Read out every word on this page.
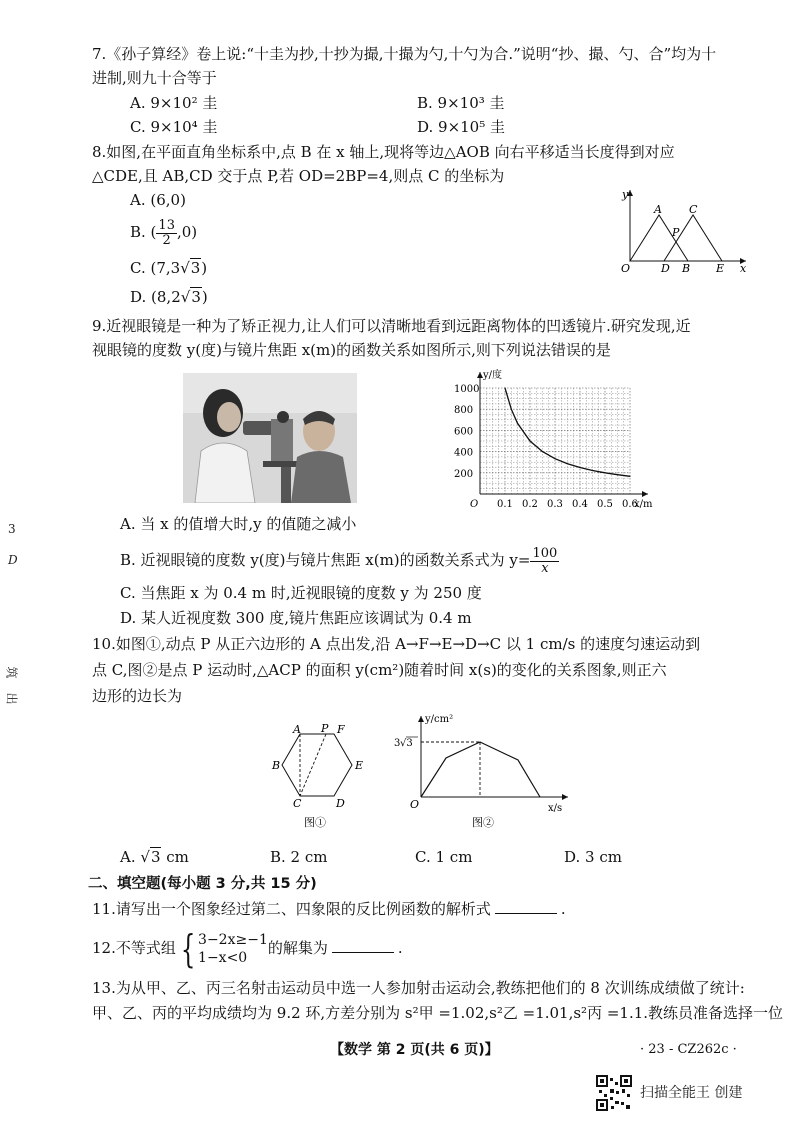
3
D
筑
出
7.《孙子算经》卷上说:“十圭为抄,十抄为撮,十撮为勺,十勺为合.”说明“抄、撮、勺、合”均为十
进制,则九十合等于
A. 9×10² 圭	B. 9×10³ 圭
C. 9×10⁴ 圭	D. 9×10⁵ 圭
8.如图,在平面直角坐标系中,点 B 在 x 轴上,现将等边△AOB 向右平移适当长度得到对应
△CDE,且 AB,CD 交于点 P,若 OD=2BP=4,则点 C 的坐标为
A. (6,0)
B. ( $\frac{13}{2} ,0$)
C. (7,3√3)
D. (8,2√3)
y
x
O
A C
P
D B E
9.近视眼镜是一种为了矫正视力,让人们可以清晰地看到远距离物体的凹透镜片.研究发现,近
视眼镜的度数 y(度)与镜片焦距 x(m)的函数关系如图所示,则下列说法错误的是
0.1 0.2 0.3 0.4 0.5 0.6
200
400
600
800
1000
O	x/m
y/度
A. 当 x 的值增大时,y 的值随之减小
B. 近视眼镜的度数 y(度)与镜片焦距 x(m)的函数关系式为 $y= \frac{100}{x}$
C. 当焦距 x 为 0.4 m 时,近视眼镜的度数 y 为 250 度
D. 某人近视度数 300 度,镜片焦距应该调试为 0.4 m
10.如图①,动点 P 从正六边形的 A 点出发,沿 A→F→E→D→C 以 1 cm/s 的速度匀速运动到
点 C,图②是点 P 运动时,△ACP 的面积 y(cm²)随着时间 x(s)的变化的关系图象,则正六
边形的边长为
A P F
B	E
C	D
图①
y/cm²
x/s
O
3 √3
图②
A. √3 cm	B. 2 cm	C. 1 cm	D. 3 cm
二、填空题(每小题 3 分,共 15 分)
11.请写出一个图象经过第二、四象限的反比例函数的解析式	.
12.不等式组 { 3−2x≥−1
1−x<0
的解集为	.
13.为从甲、乙、丙三名射击运动员中选一人参加射击运动会,教练把他们的 8 次训练成绩做了统计:
甲、乙、丙的平均成绩均为 9.2 环,方差分别为 s²甲 =1.02,s²乙 =1.01,s²丙 =1.1.教练员准备选择一位
【数学 第 2 页(共 6 页)】	· 23 - CZ262c ·
扫描全能王 创建
